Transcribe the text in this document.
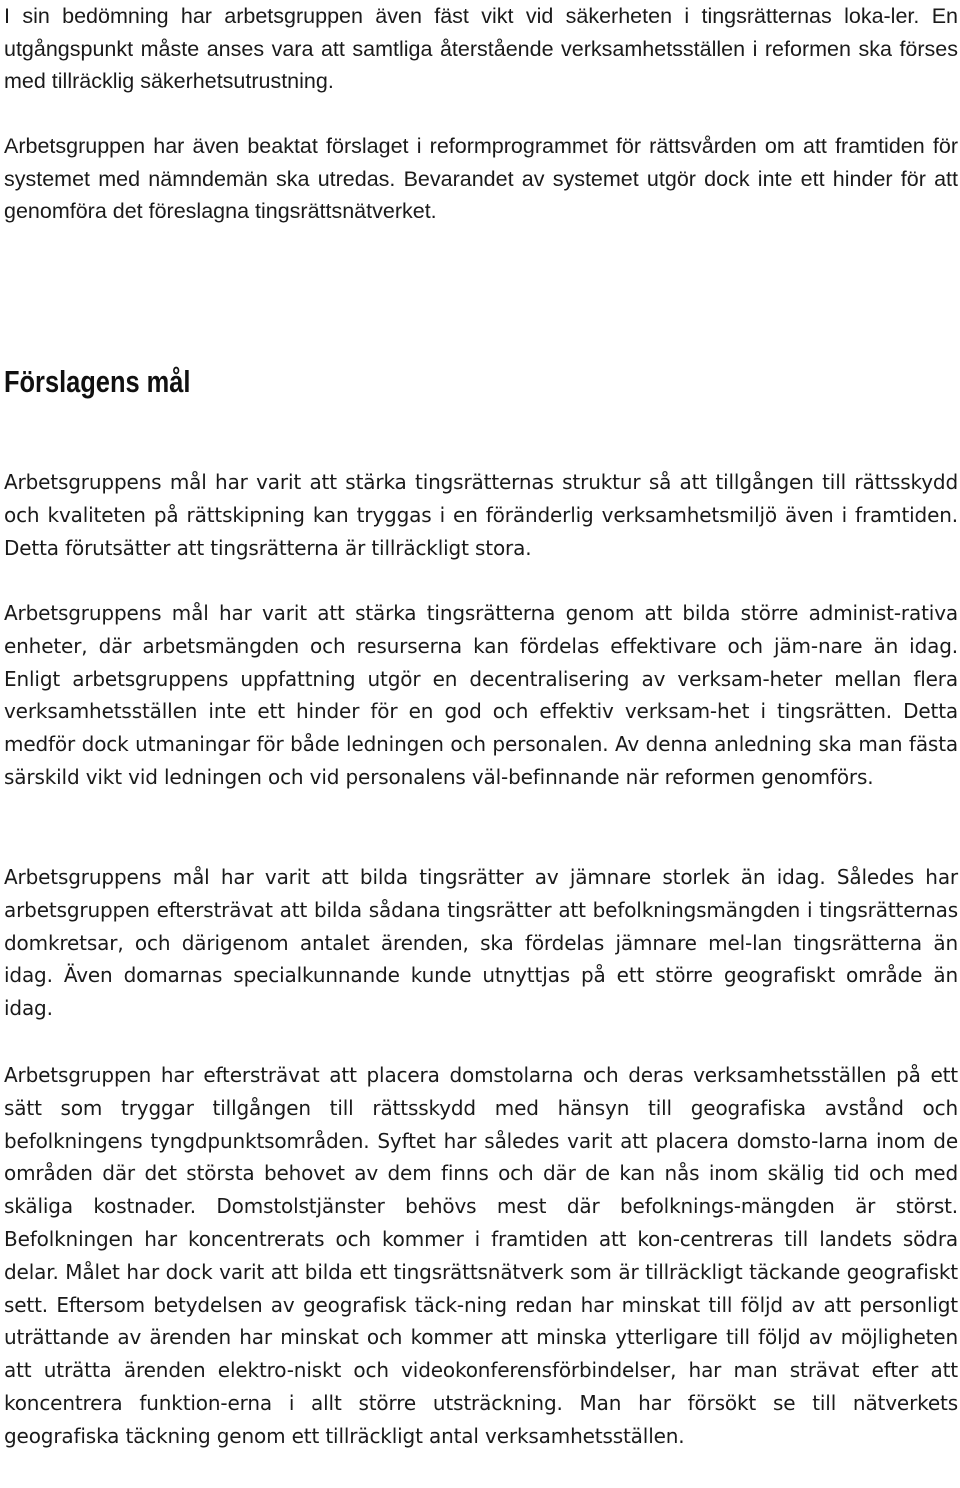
I sin bedömning har arbetsgruppen även fäst vikt vid säkerheten i tingsrätternas loka-ler. En utgångspunkt måste anses vara att samtliga återstående verksamhetsställen i reformen ska förses med tillräcklig säkerhetsutrustning.

Arbetsgruppen har även beaktat förslaget i reformprogrammet för rättsvården om att framtiden för systemet med nämndemän ska utredas. Bevarandet av systemet utgör dock inte ett hinder för att genomföra det föreslagna tingsrättsnätverket.

Förslagens mål

Arbetsgruppens mål har varit att stärka tingsrätternas struktur så att tillgången till rättsskydd och kvaliteten på rättskipning kan tryggas i en föränderlig verksamhetsmiljö även i framtiden. Detta förutsätter att tingsrätterna är tillräckligt stora.

Arbetsgruppens mål har varit att stärka tingsrätterna genom att bilda större administ-rativa enheter, där arbetsmängden och resurserna kan fördelas effektivare och jäm-nare än idag. Enligt arbetsgruppens uppfattning utgör en decentralisering av verksam-heter mellan flera verksamhetsställen inte ett hinder för en god och effektiv verksam-het i tingsrätten. Detta medför dock utmaningar för både ledningen och personalen. Av denna anledning ska man fästa särskild vikt vid ledningen och vid personalens väl-befinnande när reformen genomförs.

Arbetsgruppens mål har varit att bilda tingsrätter av jämnare storlek än idag. Således har arbetsgruppen eftersträvat att bilda sådana tingsrätter att befolkningsmängden i tingsrätternas domkretsar, och därigenom antalet ärenden, ska fördelas jämnare mel-lan tingsrätterna än idag. Även domarnas specialkunnande kunde utnyttjas på ett större geografiskt område än idag.

Arbetsgruppen har eftersträvat att placera domstolarna och deras verksamhetsställen på ett sätt som tryggar tillgången till rättsskydd med hänsyn till geografiska avstånd och befolkningens tyngdpunktsområden. Syftet har således varit att placera domsto-larna inom de områden där det största behovet av dem finns och där de kan nås inom skälig tid och med skäliga kostnader. Domstolstjänster behövs mest där befolknings-mängden är störst. Befolkningen har koncentrerats och kommer i framtiden att kon-centreras till landets södra delar. Målet har dock varit att bilda ett tingsrättsnätverk som är tillräckligt täckande geografiskt sett. Eftersom betydelsen av geografisk täck-ning redan har minskat till följd av att personligt uträttande av ärenden har minskat och kommer att minska ytterligare till följd av möjligheten att uträtta ärenden elektro-niskt och videokonferensförbindelser, har man strävat efter att koncentrera funktion-erna i allt större utsträckning. Man har försökt se till nätverkets geografiska täckning genom ett tillräckligt antal verksamhetsställen.
